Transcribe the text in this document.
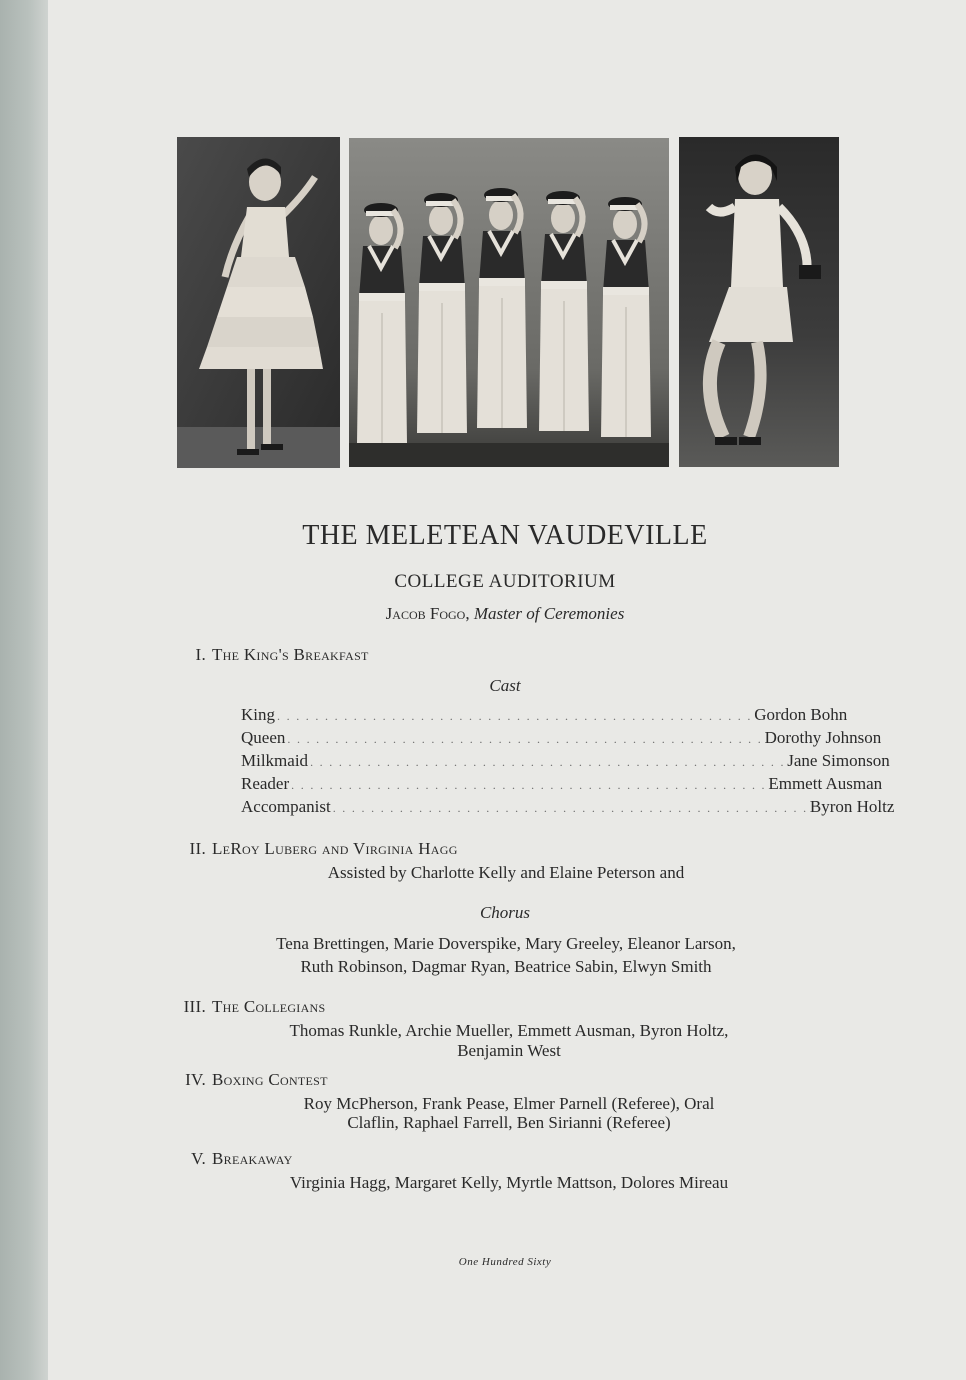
THE MELETEAN VAUDEVILLE
COLLEGE AUDITORIUM
Jacob Fogo, Master of Ceremonies
I. The King's Breakfast
Cast
King . . . . . . . . . . . . . . . . . . . . . . . . . . . . . . . . . . . . . . . . . . . . . . . . . . Gordon Bohn
Queen . . . . . . . . . . . . . . . . . . . . . . . . . . . . . . . . . . . . . . . . . . . . . . . . . . Dorothy Johnson
Milkmaid . . . . . . . . . . . . . . . . . . . . . . . . . . . . . . . . . . . . . . . . . . . . . . . . . . Jane Simonson
Reader . . . . . . . . . . . . . . . . . . . . . . . . . . . . . . . . . . . . . . . . . . . . . . . . . . Emmett Ausman
Accompanist . . . . . . . . . . . . . . . . . . . . . . . . . . . . . . . . . . . . . . . . . . . . . . . . . . Byron Holtz
II. LeRoy Luberg and Virginia Hagg
Assisted by Charlotte Kelly and Elaine Peterson and
Chorus
Tena Brettingen, Marie Doverspike, Mary Greeley, Eleanor Larson,
Ruth Robinson, Dagmar Ryan, Beatrice Sabin, Elwyn Smith
III. The Collegians
Thomas Runkle, Archie Mueller, Emmett Ausman, Byron Holtz,
Benjamin West
IV. Boxing Contest
Roy McPherson, Frank Pease, Elmer Parnell (Referee), Oral
Claflin, Raphael Farrell, Ben Sirianni (Referee)
V. Breakaway
Virginia Hagg, Margaret Kelly, Myrtle Mattson, Dolores Mireau
One Hundred Sixty
